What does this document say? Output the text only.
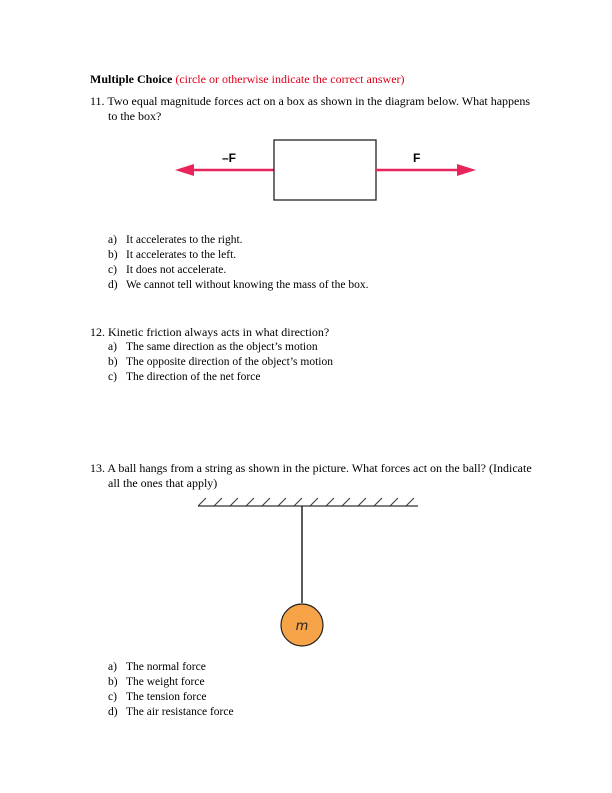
Multiple Choice (circle or otherwise indicate the correct answer)
11. Two equal magnitude forces act on a box as shown in the diagram below. What happens
to the box?
–F	F
m
a) It accelerates to the right.
b) It accelerates to the left.
c) It does not accelerate.
d) We cannot tell without knowing the mass of the box.
12. Kinetic friction always acts in what direction?
a) The same direction as the object’s motion
b) The opposite direction of the object’s motion
c) The direction of the net force
13. A ball hangs from a string as shown in the picture. What forces act on the ball? (Indicate
all the ones that apply)
a) The normal force
b) The weight force
c) The tension force
d) The air resistance force
